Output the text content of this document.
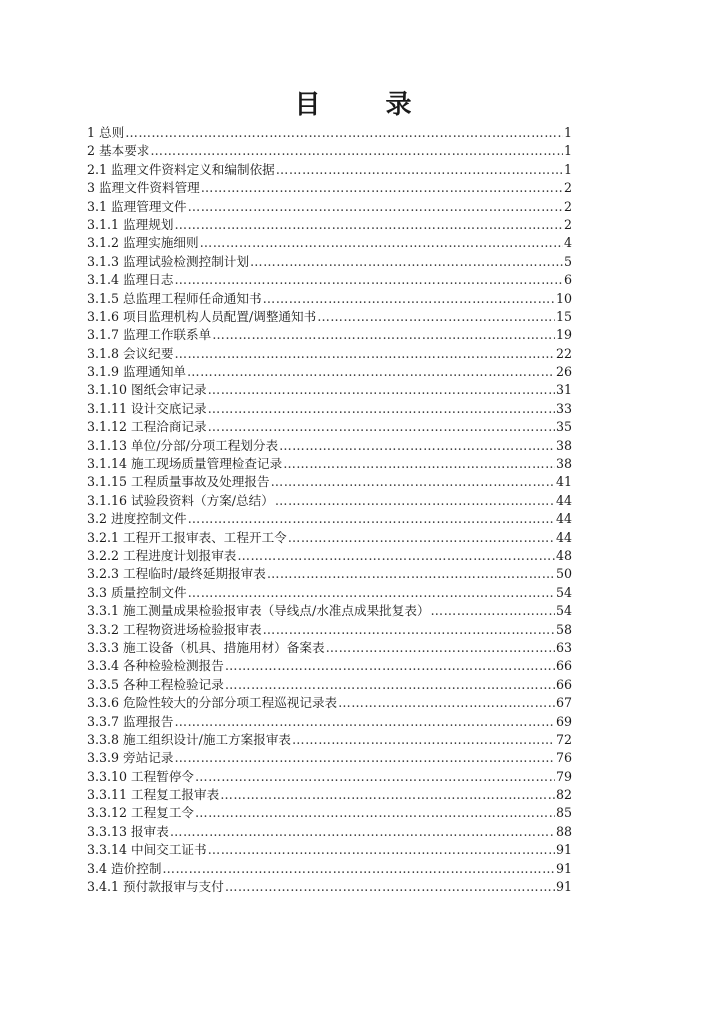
目 录
1 总则 …………………………………………………………………………………………………………………………………………………………………………………………………………	1
2 基本要求 …………………………………………………………………………………………………………………………………………………………………………………………………………	1
2.1 监理文件资料定义和编制依据 …………………………………………………………………………………………………………………………………………………………………………………………………………	1
3 监理文件资料管理 …………………………………………………………………………………………………………………………………………………………………………………………………………	2
3.1 监理管理文件 …………………………………………………………………………………………………………………………………………………………………………………………………………	2
3.1.1 监理规划 …………………………………………………………………………………………………………………………………………………………………………………………………………	2
3.1.2 监理实施细则 …………………………………………………………………………………………………………………………………………………………………………………………………………	4
3.1.3 监理试验检测控制计划 …………………………………………………………………………………………………………………………………………………………………………………………………………	5
3.1.4 监理日志 …………………………………………………………………………………………………………………………………………………………………………………………………………	6
3.1.5 总监理工程师任命通知书 …………………………………………………………………………………………………………………………………………………………………………………………………………	10
3.1.6 项目监理机构人员配置/调整通知书 …………………………………………………………………………………………………………………………………………………………………………………………………………	15
3.1.7 监理工作联系单 …………………………………………………………………………………………………………………………………………………………………………………………………………	19
3.1.8 会议纪要 …………………………………………………………………………………………………………………………………………………………………………………………………………	22
3.1.9 监理通知单 …………………………………………………………………………………………………………………………………………………………………………………………………………	26
3.1.10 图纸会审记录 …………………………………………………………………………………………………………………………………………………………………………………………………………	31
3.1.11 设计交底记录 …………………………………………………………………………………………………………………………………………………………………………………………………………	33
3.1.12 工程洽商记录 …………………………………………………………………………………………………………………………………………………………………………………………………………	35
3.1.13 单位/分部/分项工程划分表 …………………………………………………………………………………………………………………………………………………………………………………………………………	38
3.1.14 施工现场质量管理检查记录 …………………………………………………………………………………………………………………………………………………………………………………………………………	38
3.1.15 工程质量事故及处理报告 …………………………………………………………………………………………………………………………………………………………………………………………………………	41
3.1.16 试验段资料（方案/总结） …………………………………………………………………………………………………………………………………………………………………………………………………………	44
3.2 进度控制文件 …………………………………………………………………………………………………………………………………………………………………………………………………………	44
3.2.1 工程开工报审表、工程开工令 …………………………………………………………………………………………………………………………………………………………………………………………………………	44
3.2.2 工程进度计划报审表 …………………………………………………………………………………………………………………………………………………………………………………………………………	48
3.2.3 工程临时/最终延期报审表 …………………………………………………………………………………………………………………………………………………………………………………………………………	50
3.3 质量控制文件 …………………………………………………………………………………………………………………………………………………………………………………………………………	54
3.3.1 施工测量成果检验报审表（导线点/水准点成果批复表） …………………………………………………………………………………………………………………………………………………………………………………………………………	54
3.3.2 工程物资进场检验报审表 …………………………………………………………………………………………………………………………………………………………………………………………………………	58
3.3.3 施工设备（机具、措施用材）备案表 …………………………………………………………………………………………………………………………………………………………………………………………………………	63
3.3.4 各种检验检测报告 …………………………………………………………………………………………………………………………………………………………………………………………………………	66
3.3.5 各种工程检验记录 …………………………………………………………………………………………………………………………………………………………………………………………………………	66
3.3.6 危险性较大的分部分项工程巡视记录表 …………………………………………………………………………………………………………………………………………………………………………………………………………	67
3.3.7 监理报告 …………………………………………………………………………………………………………………………………………………………………………………………………………	69
3.3.8 施工组织设计/施工方案报审表 …………………………………………………………………………………………………………………………………………………………………………………………………………	72
3.3.9 旁站记录 …………………………………………………………………………………………………………………………………………………………………………………………………………	76
3.3.10 工程暂停令 …………………………………………………………………………………………………………………………………………………………………………………………………………	79
3.3.11 工程复工报审表 …………………………………………………………………………………………………………………………………………………………………………………………………………	82
3.3.12 工程复工令 …………………………………………………………………………………………………………………………………………………………………………………………………………	85
3.3.13 报审表 …………………………………………………………………………………………………………………………………………………………………………………………………………	88
3.3.14 中间交工证书 …………………………………………………………………………………………………………………………………………………………………………………………………………	91
3.4 造价控制 …………………………………………………………………………………………………………………………………………………………………………………………………………	91
3.4.1 预付款报审与支付 …………………………………………………………………………………………………………………………………………………………………………………………………………	91
